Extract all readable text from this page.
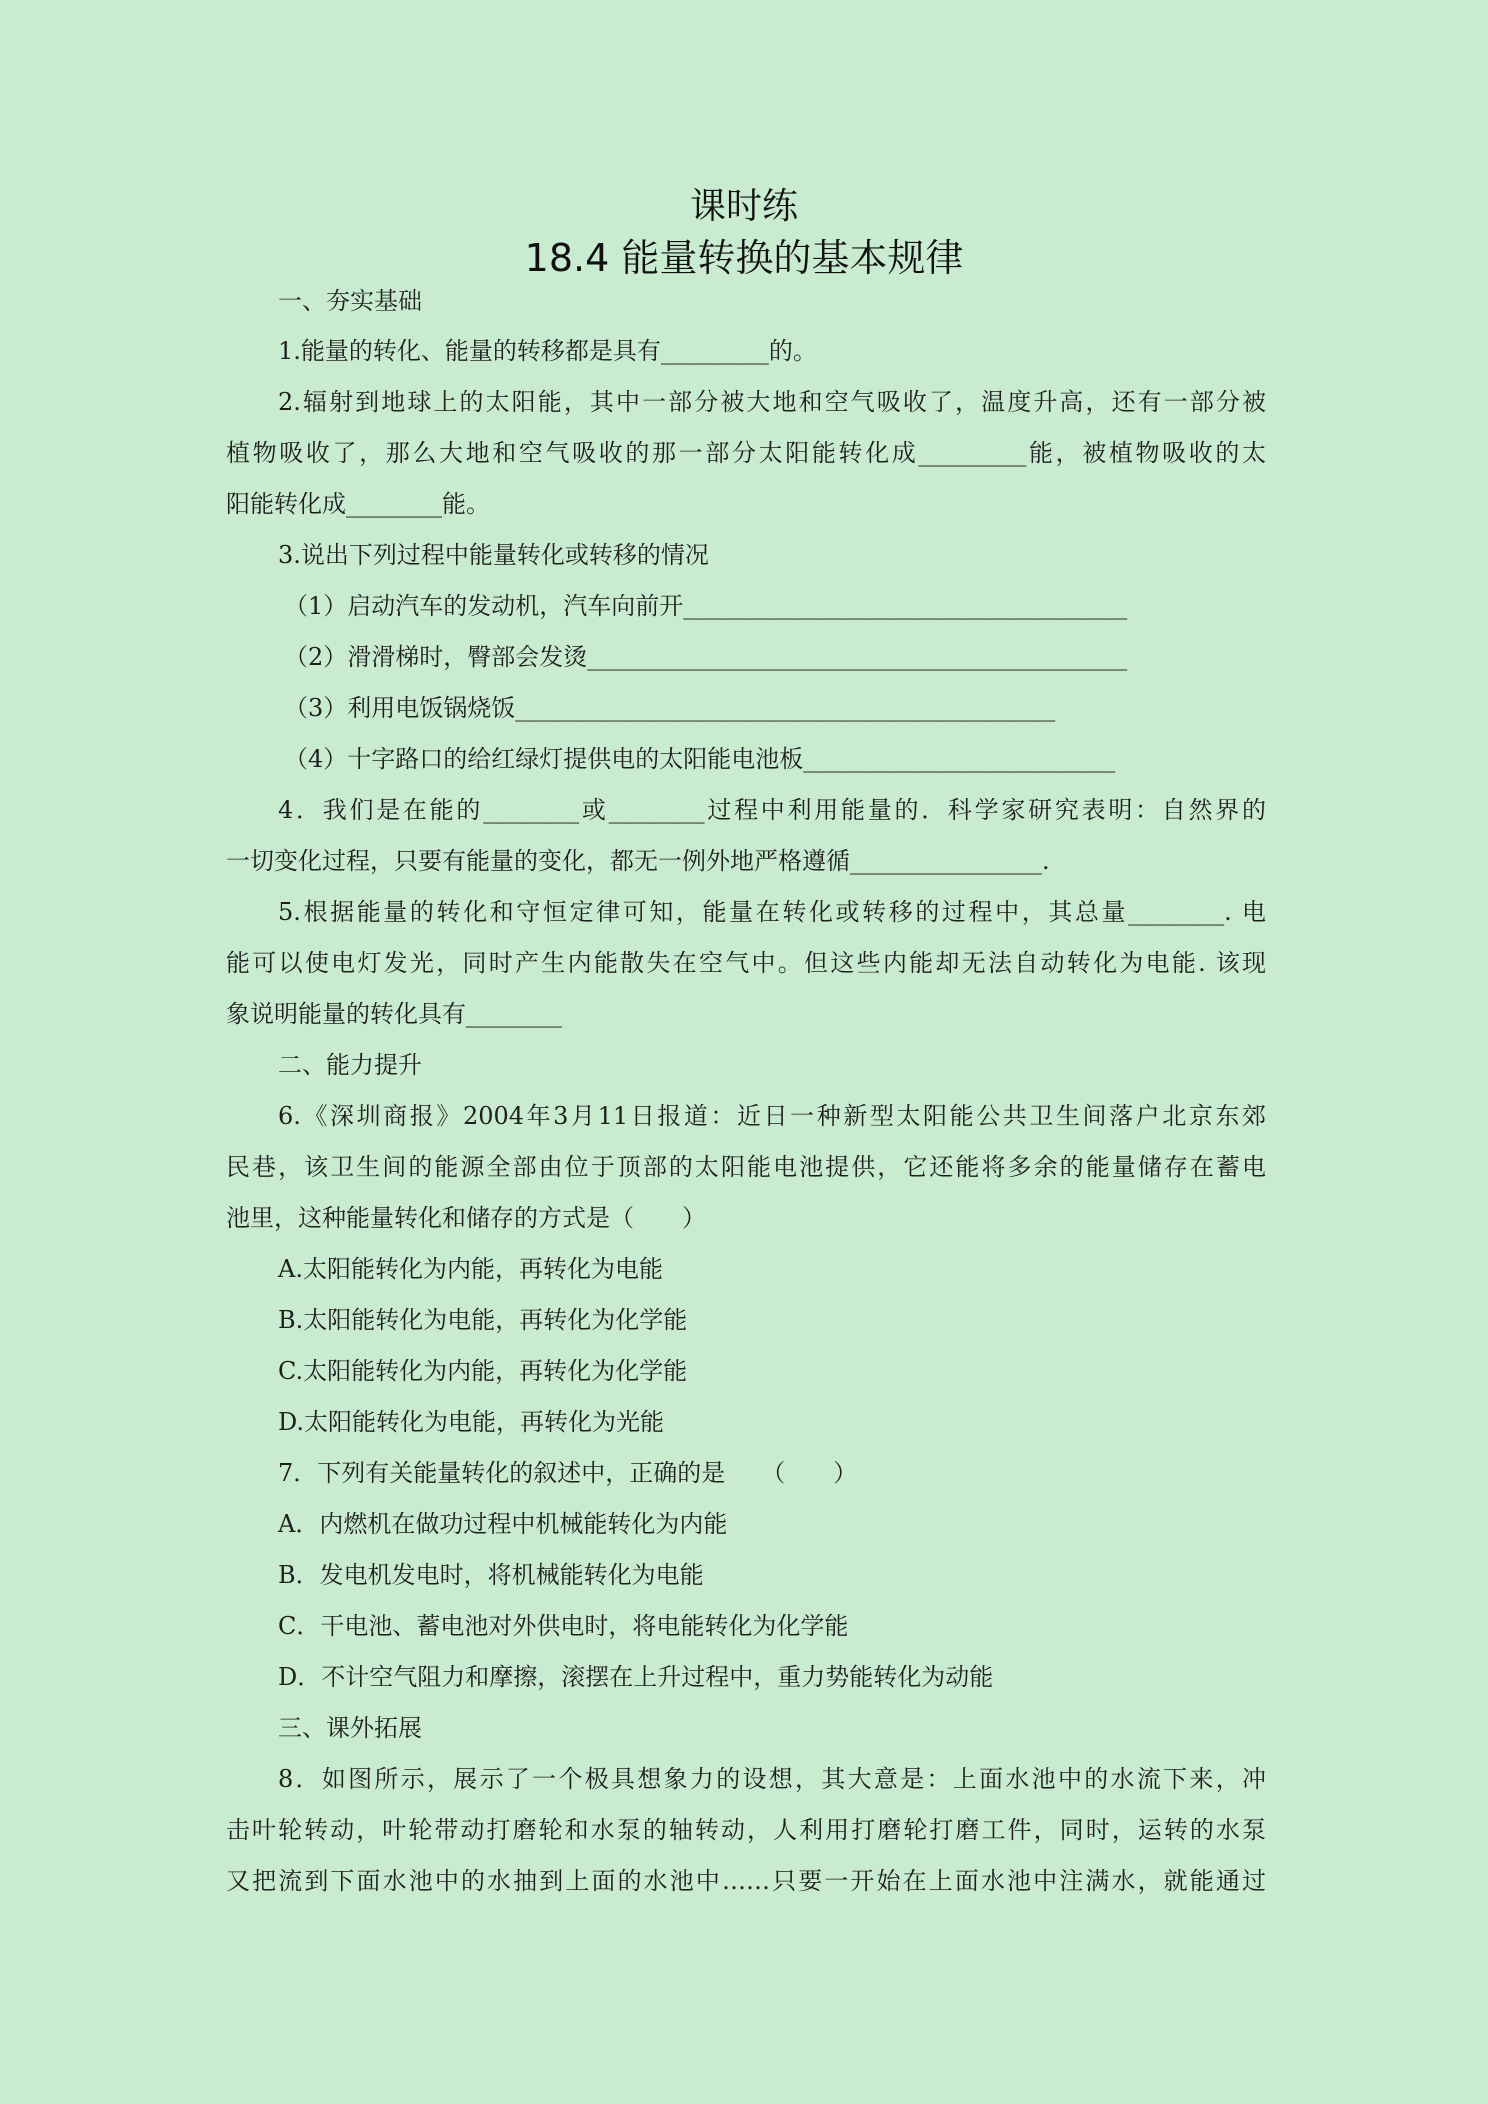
课时练
18.4 能量转换的基本规律
一、夯实基础
1.能量的转化、能量的转移都是具有_________的。
2.辐射到地球上的太阳能，其中一部分被大地和空气吸收了，温度升高，还有一部分被
植物吸收了，那么大地和空气吸收的那一部分太阳能转化成_________能，被植物吸收的太
阳能转化成________能。
3.说出下列过程中能量转化或转移的情况
（1）启动汽车的发动机，汽车向前开_____________________________________
（2）滑滑梯时，臀部会发烫_____________________________________________
（3）利用电饭锅烧饭_____________________________________________
（4）十字路口的给红绿灯提供电的太阳能电池板__________________________
4．我们是在能的________或________过程中利用能量的．科学家研究表明：自然界的
一切变化过程，只要有能量的变化，都无一例外地严格遵循________________.
5.根据能量的转化和守恒定律可知，能量在转化或转移的过程中，其总量________. 电
能可以使电灯发光，同时产生内能散失在空气中。但这些内能却无法自动转化为电能. 该现
象说明能量的转化具有________
二、能力提升
6.《深圳商报》2004年3月11日报道：近日一种新型太阳能公共卫生间落户北京东郊
民巷，该卫生间的能源全部由位于顶部的太阳能电池提供，它还能将多余的能量储存在蓄电
池里，这种能量转化和储存的方式是（　　）
A.太阳能转化为内能，再转化为电能
B.太阳能转化为电能，再转化为化学能
C.太阳能转化为内能，再转化为化学能
D.太阳能转化为电能，再转化为光能
7．下列有关能量转化的叙述中，正确的是　　（　　）
A．内燃机在做功过程中机械能转化为内能
B．发电机发电时，将机械能转化为电能
C．干电池、蓄电池对外供电时，将电能转化为化学能
D．不计空气阻力和摩擦，滚摆在上升过程中，重力势能转化为动能
三、课外拓展
8．如图所示，展示了一个极具想象力的设想，其大意是：上面水池中的水流下来，冲
击叶轮转动，叶轮带动打磨轮和水泵的轴转动，人利用打磨轮打磨工件，同时，运转的水泵
又把流到下面水池中的水抽到上面的水池中……只要一开始在上面水池中注满水，就能通过
